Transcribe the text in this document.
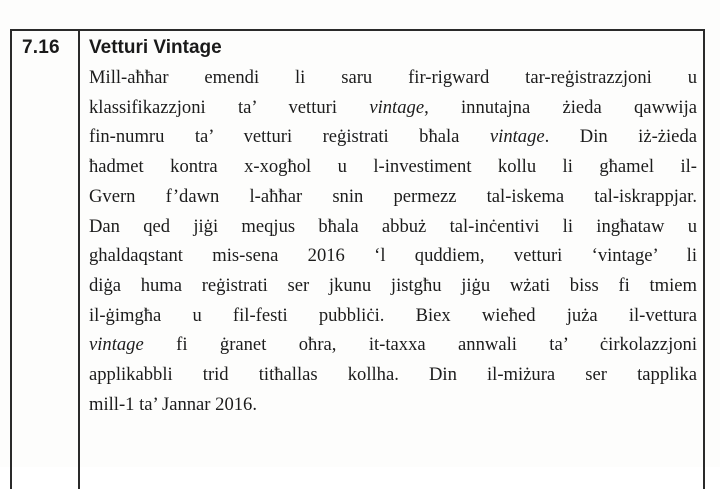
7.16 Vetturi Vintage
Mill-aħħar emendi li saru fir-rigward tar-reġistrazzjoni u
klassifikazzjoni ta’ vetturi vintage, innutajna żieda qawwija
fin-numru ta’ vetturi reġistrati bħala vintage. Din iż-żieda
ħadmet kontra x-xogħol u l-investiment kollu li għamel il-
Gvern f’dawn l-aħħar snin permezz tal-iskema tal-iskrappjar.
Dan qed jiġi meqjus bħala abbuż tal-inċentivi li ingħataw u
ghaldaqstant mis-sena 2016 ‘l quddiem, vetturi ‘vintage’ li
diġa huma reġistrati ser jkunu jistgħu jiġu wżati biss fi tmiem
il-ġimgħa u fil-festi pubbliċi. Biex wieħed juża il-vettura
vintage fi ġranet oħra, it-taxxa annwali ta’ ċirkolazzjoni
applikabbli trid titħallas kollha. Din il-miżura ser tapplika
mill-1 ta’ Jannar 2016.
